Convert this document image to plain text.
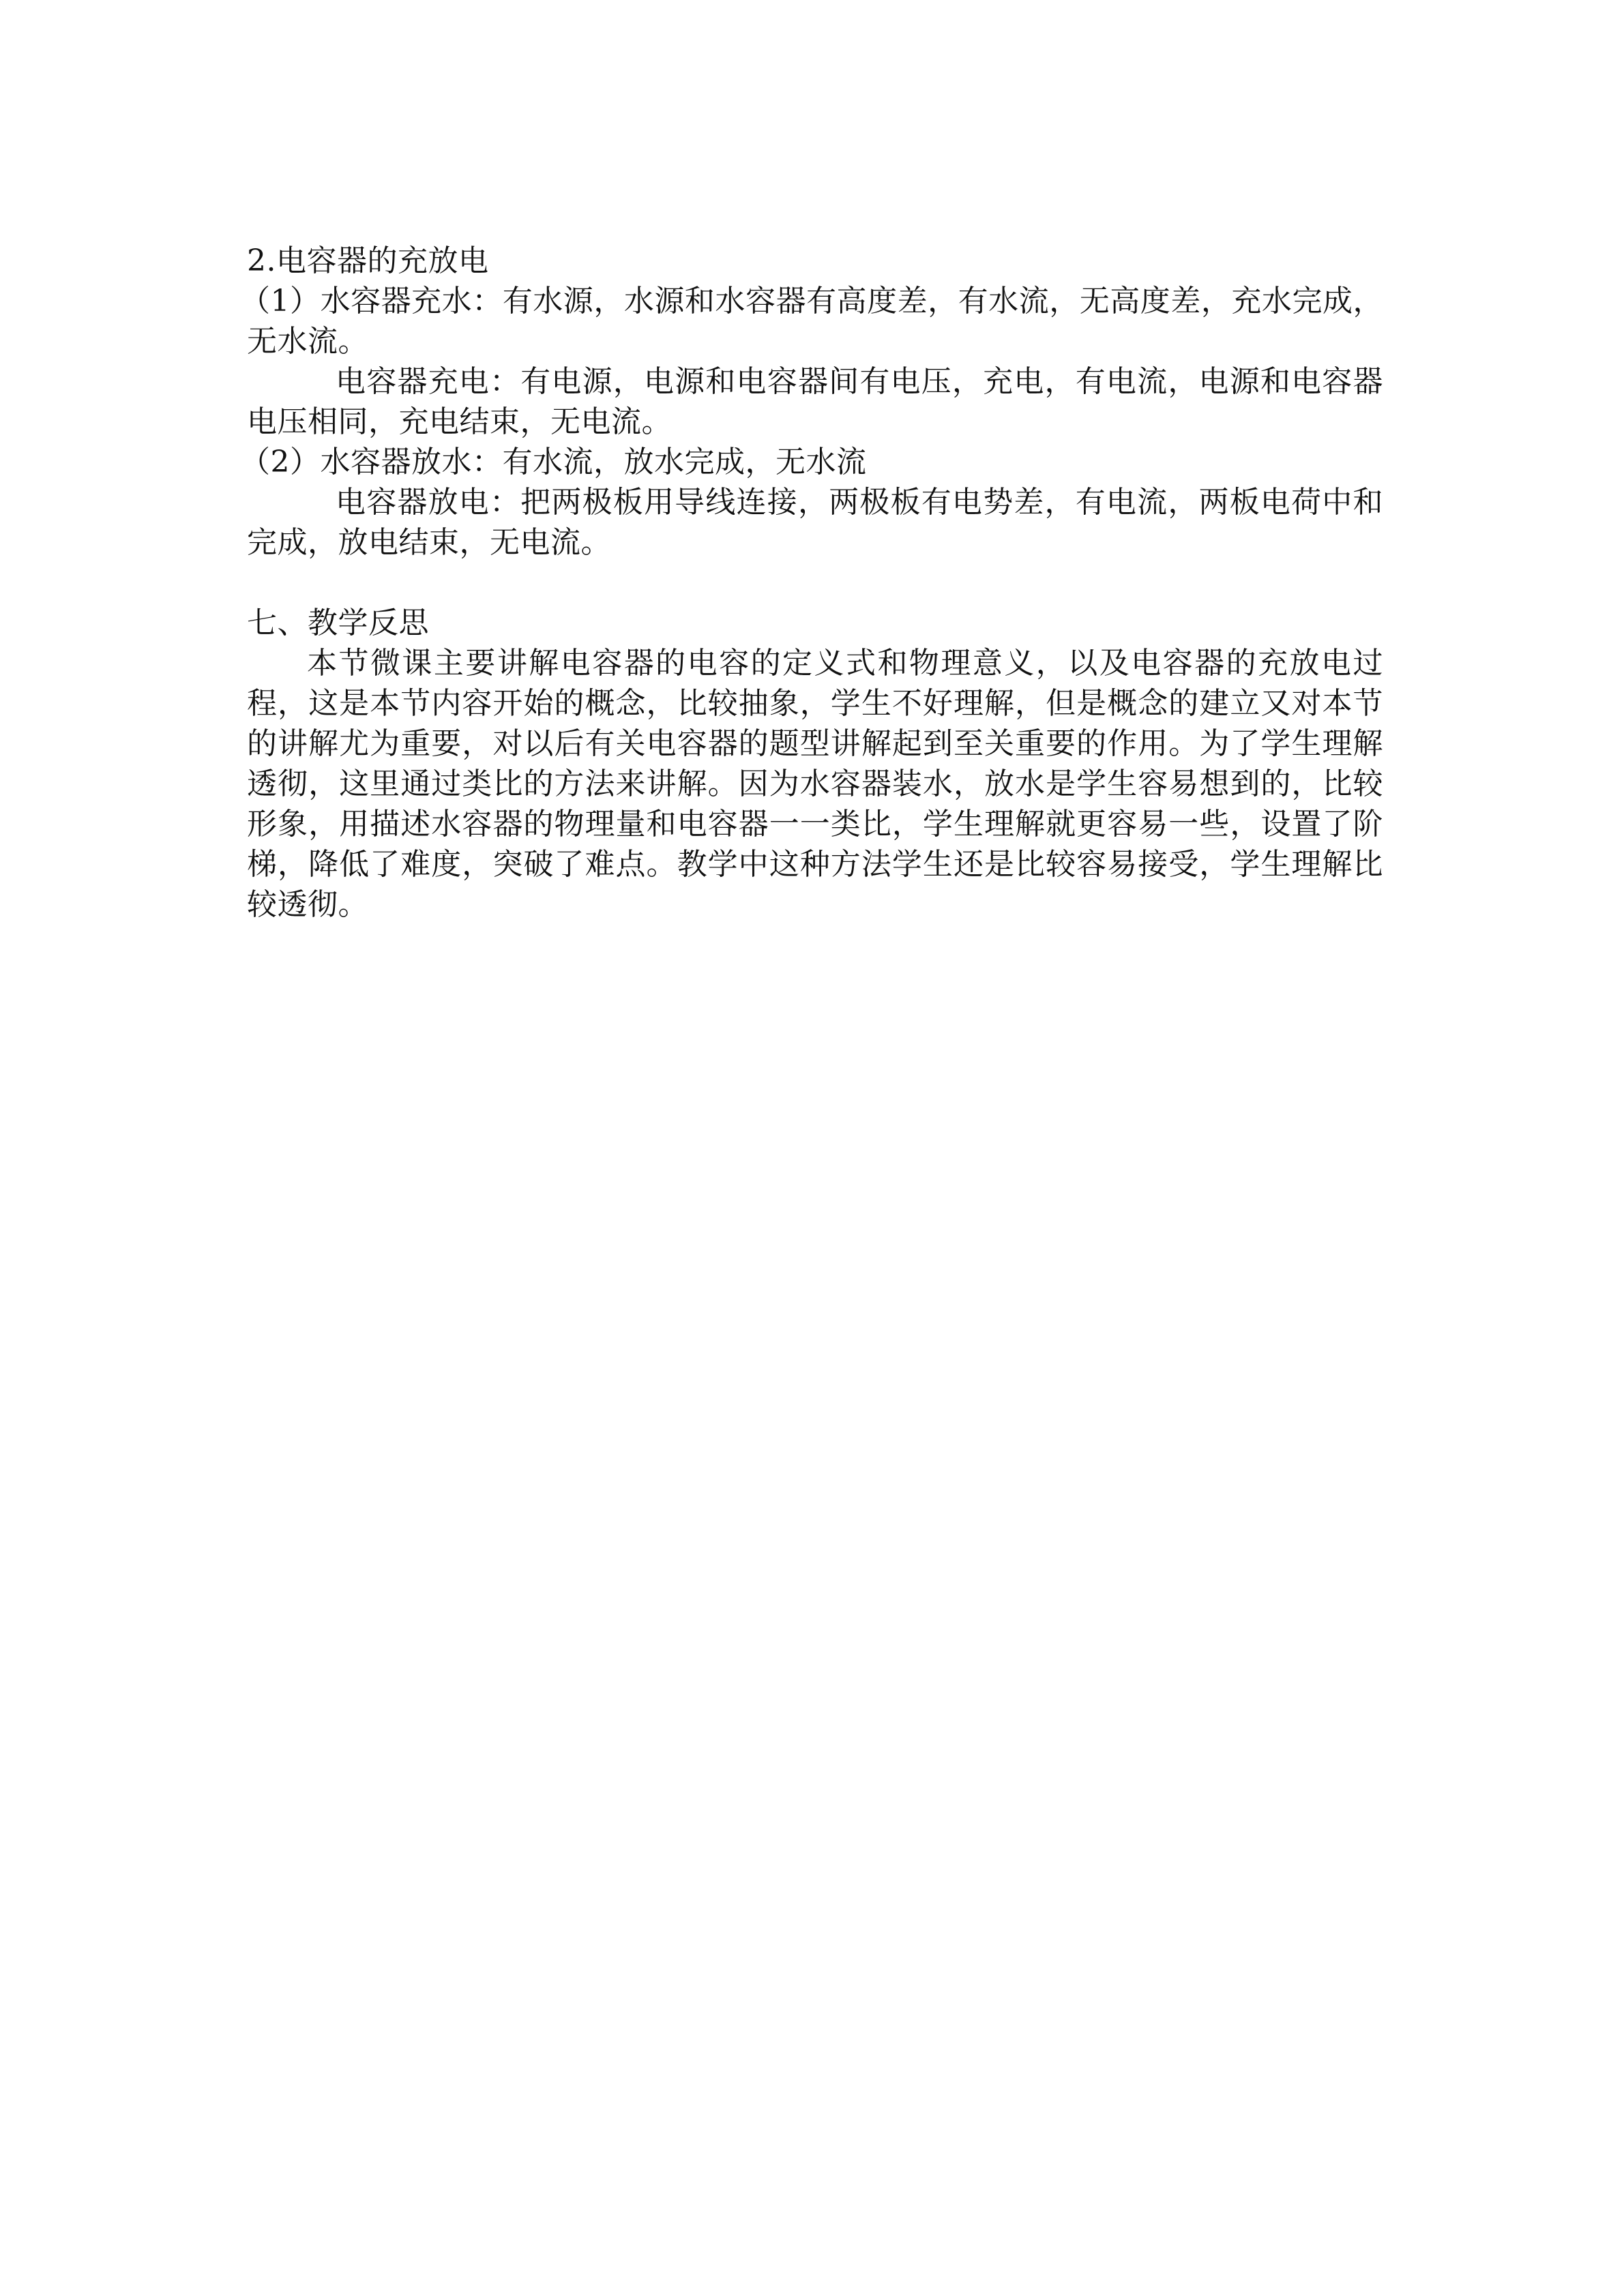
2.电容器的充放电

（1）水容器充水：有水源，水源和水容器有高度差，有水流，无高度差，充水完成，无水流。

电容器充电：有电源，电源和电容器间有电压，充电，有电流，电源和电容器电压相同，充电结束，无电流。

（2）水容器放水：有水流，放水完成，无水流

电容器放电：把两极板用导线连接，两极板有电势差，有电流，两板电荷中和完成，放电结束，无电流。

七、教学反思

本节微课主要讲解电容器的电容的定义式和物理意义，以及电容器的充放电过程，这是本节内容开始的概念，比较抽象，学生不好理解，但是概念的建立又对本节的讲解尤为重要，对以后有关电容器的题型讲解起到至关重要的作用。为了学生理解透彻，这里通过类比的方法来讲解。因为水容器装水，放水是学生容易想到的，比较形象，用描述水容器的物理量和电容器一一类比，学生理解就更容易一些，设置了阶梯，降低了难度，突破了难点。教学中这种方法学生还是比较容易接受，学生理解比较透彻。
